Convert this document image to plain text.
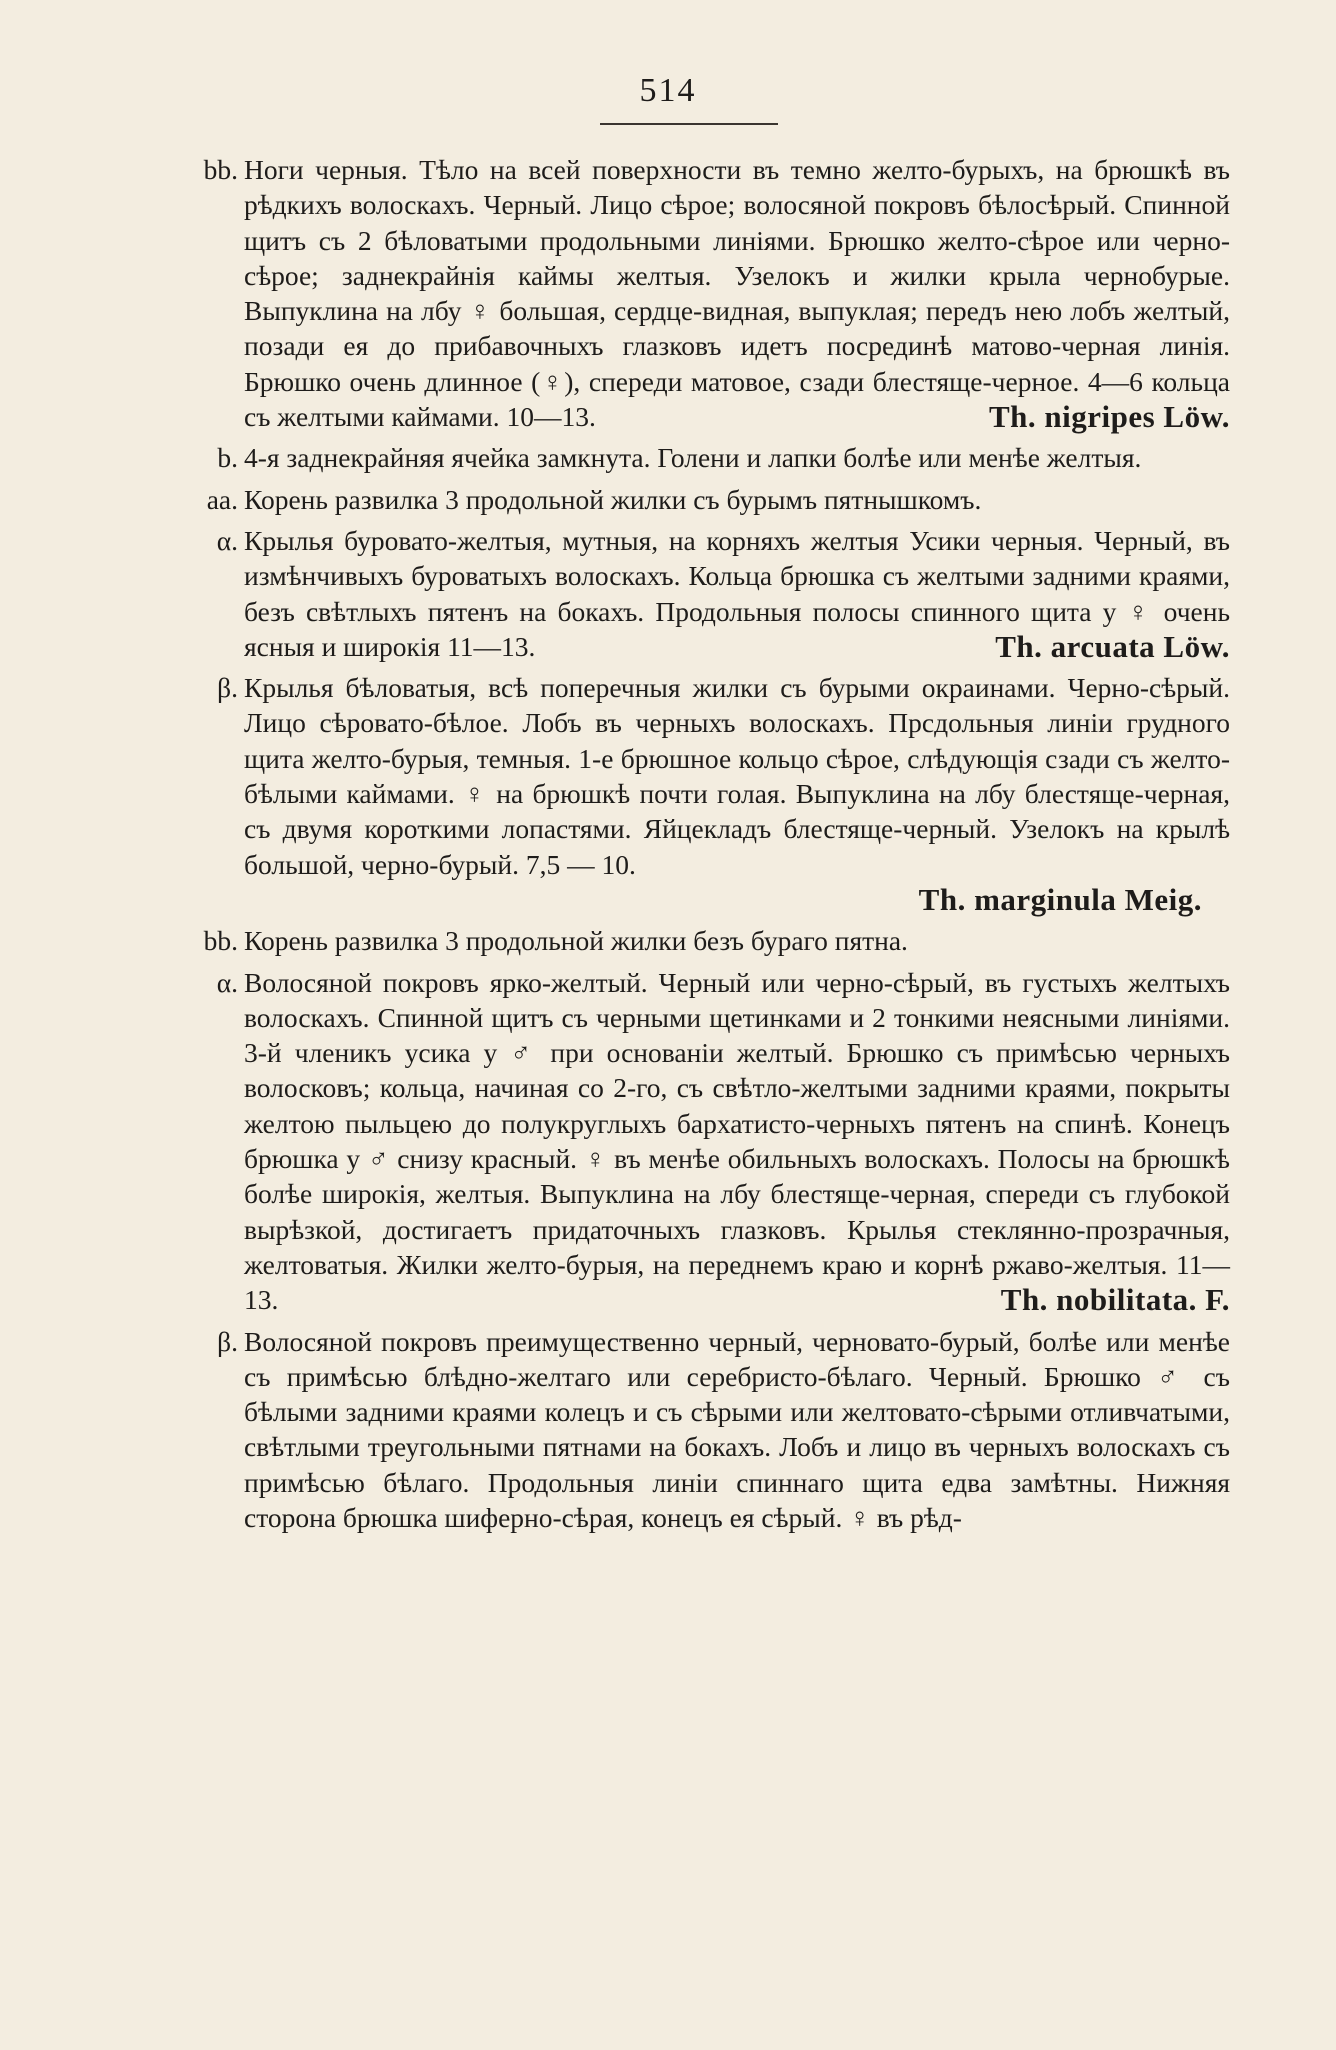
514
bb. Ноги черныя. Тѣло на всей поверхности въ темно желто-бурыхъ, на брюшкѣ въ рѣдкихъ волоскахъ. Черный. Лицо сѣрое; волосяной покровъ бѣлосѣрый. Спинной щитъ съ 2 бѣловатыми продольными линіями. Брюшко желто-сѣрое или черно-сѣрое; заднекрайнія каймы желтыя. Узелокъ и жилки крыла чернобурые. Выпуклина на лбу ♀ большая, сердце-видная, выпуклая; передъ нею лобъ желтый, позади ея до прибавочныхъ глазковъ идетъ посрединѣ матово-черная линія. Брюшко очень длинное (♀), спереди матовое, сзади блестяще-черное. 4—6 кольца съ желтыми каймами. 10—13.	Th. nigripes Löw.
b. 4-я заднекрайняя ячейка замкнута. Голени и лапки болѣе или менѣе желтыя.
aa. Корень развилка 3 продольной жилки съ бурымъ пятнышкомъ.
α. Крылья буровато-желтыя, мутныя, на корняхъ желтыя Усики черныя. Черный, въ измѣнчивыхъ буроватыхъ волоскахъ. Кольца брюшка съ желтыми задними краями, безъ свѣтлыхъ пятенъ на бокахъ. Продольныя полосы спинного щита у ♀ очень ясныя и широкія 11—13.	Th. arcuata Löw.
β. Крылья бѣловатыя, всѣ поперечныя жилки съ бурыми окраинами. Черно-сѣрый. Лицо сѣровато-бѣлое. Лобъ въ черныхъ волоскахъ. Прсдольныя линіи грудного щита желто-бурыя, темныя. 1-е брюшное кольцо сѣрое, слѣдующія сзади съ желто-бѣлыми каймами. ♀ на брюшкѣ почти голая. Выпуклина на лбу блестяще-черная, съ двумя короткими лопастями. Яйцекладъ блестяще-черный. Узелокъ на крылѣ большой, черно-бурый. 7,5 — 10.
Th. marginula Meig.
bb. Корень развилка 3 продольной жилки безъ бураго пятна.
α. Волосяной покровъ ярко-желтый. Черный или черно-сѣрый, въ густыхъ желтыхъ волоскахъ. Спинной щитъ съ черными щетинками и 2 тонкими неясными линіями. 3-й членикъ усика у ♂ при основаніи желтый. Брюшко съ примѣсью черныхъ волосковъ; кольца, начиная со 2-го, съ свѣтло-желтыми задними краями, покрыты желтою пыльцею до полукруглыхъ бархатисто-черныхъ пятенъ на спинѣ. Конецъ брюшка у ♂ снизу красный. ♀ въ менѣе обильныхъ волоскахъ. Полосы на брюшкѣ болѣе широкія, желтыя. Выпуклина на лбу блестяще-черная, спереди съ глубокой вырѣзкой, достигаетъ придаточныхъ глазковъ. Крылья стеклянно-прозрачныя, желтоватыя. Жилки желто-бурыя, на переднемъ краю и корнѣ ржаво-желтыя. 11—13.	Th. nobilitata. F.
β. Волосяной покровъ преимущественно черный, черновато-бурый, болѣе или менѣе съ примѣсью блѣдно-желтаго или серебристо-бѣлаго. Черный. Брюшко ♂ съ бѣлыми задними краями колецъ и съ сѣрыми или желтовато-сѣрыми отливчатыми, свѣтлыми треугольными пятнами на бокахъ. Лобъ и лицо въ черныхъ волоскахъ съ примѣсью бѣлаго. Продольныя линіи спиннаго щита едва замѣтны. Нижняя сторона брюшка шиферно-сѣрая, конецъ ея сѣрый. ♀ въ рѣд-
